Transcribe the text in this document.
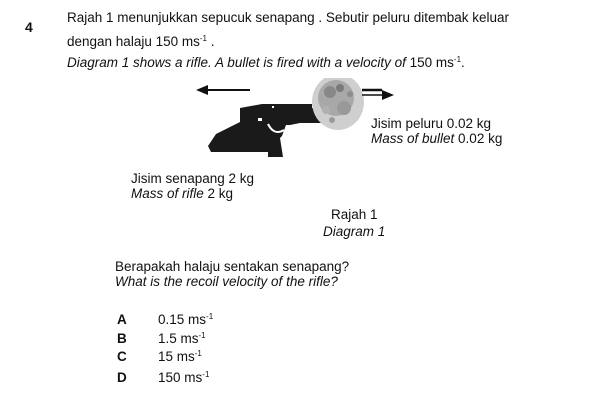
4
Rajah 1 menunjukkan sepucuk senapang . Sebutir peluru ditembak keluar
dengan halaju 150 $ms^{-1}$ .
Diagram 1 shows a rifle. A bullet is fired with a velocity of 150 $ms^{-1}$.
Jisim peluru 0.02 kg
Mass of bullet 0.02 kg
Jisim senapang 2 kg
Mass of rifle 2 kg
Rajah 1
Diagram 1
Berapakah halaju sentakan senapang?
What is the recoil velocity of the rifle?
A 0.15 $ms^{-1}$
B 1.5 $ms^{-1}$
C 15 $ms^{-1}$
D 150 $ms^{-1}$
